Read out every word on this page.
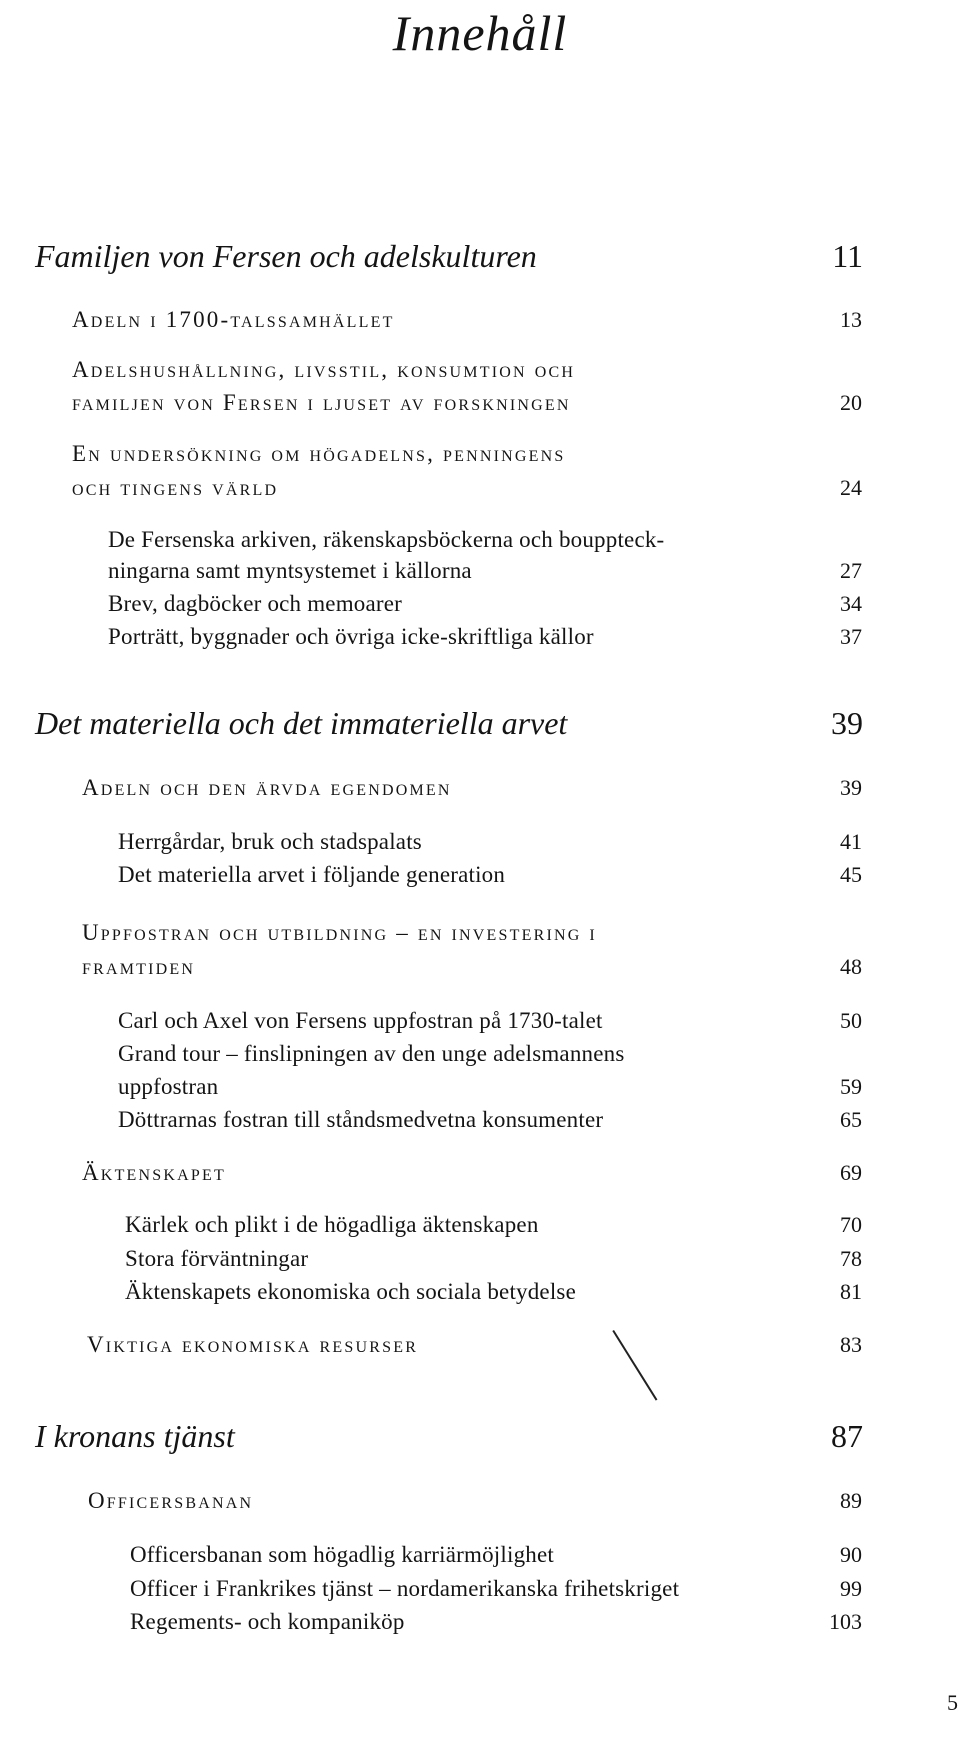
Innehåll
Familjen von Fersen och adelskulturen	11
Adeln i 1700-talssamhället	13
Adelshushållning, livsstil, konsumtion och
familjen von Fersen i ljuset av forskningen	20
En undersökning om högadelns, penningens
och tingens värld	24
De Fersenska arkiven, räkenskapsböckerna och bouppteck-
ningarna samt myntsystemet i källorna	27
Brev, dagböcker och memoarer	34
Porträtt, byggnader och övriga icke-skriftliga källor	37
Det materiella och det immateriella arvet	39
Adeln och den ärvda egendomen	39
Herrgårdar, bruk och stadspalats	41
Det materiella arvet i följande generation	45
Uppfostran och utbildning – en investering i
framtiden	48
Carl och Axel von Fersens uppfostran på 1730-talet	50
Grand tour – finslipningen av den unge adelsmannens
uppfostran	59
Döttrarnas fostran till ståndsmedvetna konsumenter	65
Äktenskapet	69
Kärlek och plikt i de högadliga äktenskapen	70
Stora förväntningar	78
Äktenskapets ekonomiska och sociala betydelse	81
Viktiga ekonomiska resurser	83
I kronans tjänst	87
Officersbanan	89
Officersbanan som högadlig karriärmöjlighet	90
Officer i Frankrikes tjänst – nordamerikanska frihetskriget	99
Regements- och kompaniköp	103
5
